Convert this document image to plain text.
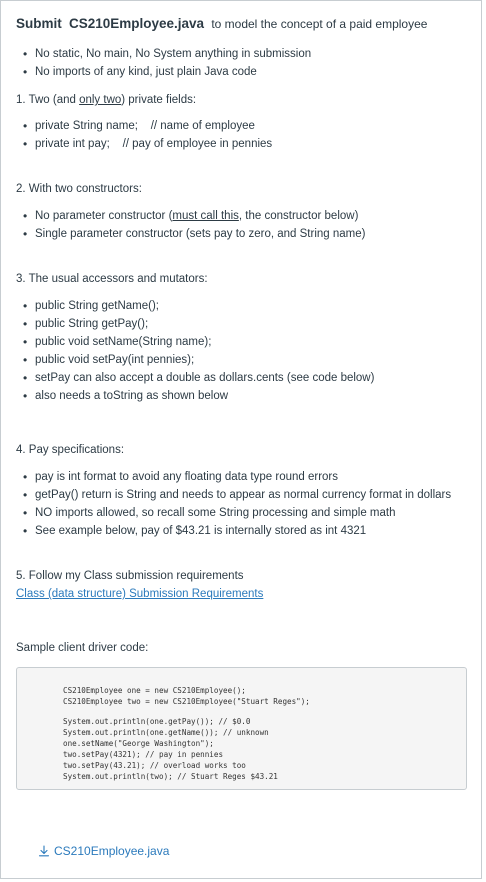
Submit CS210Employee.java to model the concept of a paid employee
• No static, No main, No System anything in submission
• No imports of any kind, just plain Java code
1. Two (and only two) private fields:
• private String name;    // name of employee
• private int pay;    // pay of employee in pennies
2. With two constructors:
• No parameter constructor (must call this, the constructor below)
• Single parameter constructor (sets pay to zero, and String name)
3. The usual accessors and mutators:
• public String getName();
• public String getPay();
• public void setName(String name);
• public void setPay(int pennies);
• setPay can also accept a double as dollars.cents (see code below)
• also needs a toString as shown below
4. Pay specifications:
• pay is int format to avoid any floating data type round errors
• getPay() return is String and needs to appear as normal currency format in dollars
• NO imports allowed, so recall some String processing and simple math
• See example below, pay of $43.21 is internally stored as int 4321
5. Follow my Class submission requirements
Class (data structure) Submission Requirements
Sample client driver code:
CS210Employee one = new CS210Employee();
CS210Employee two = new CS210Employee("Stuart Reges");
System.out.println(one.getPay()); // $0.0
System.out.println(one.getName()); // unknown
one.setName("George Washington");
two.setPay(4321); // pay in pennies
two.setPay(43.21); // overload works too
System.out.println(two); // Stuart Reges $43.21
CS210Employee.java
